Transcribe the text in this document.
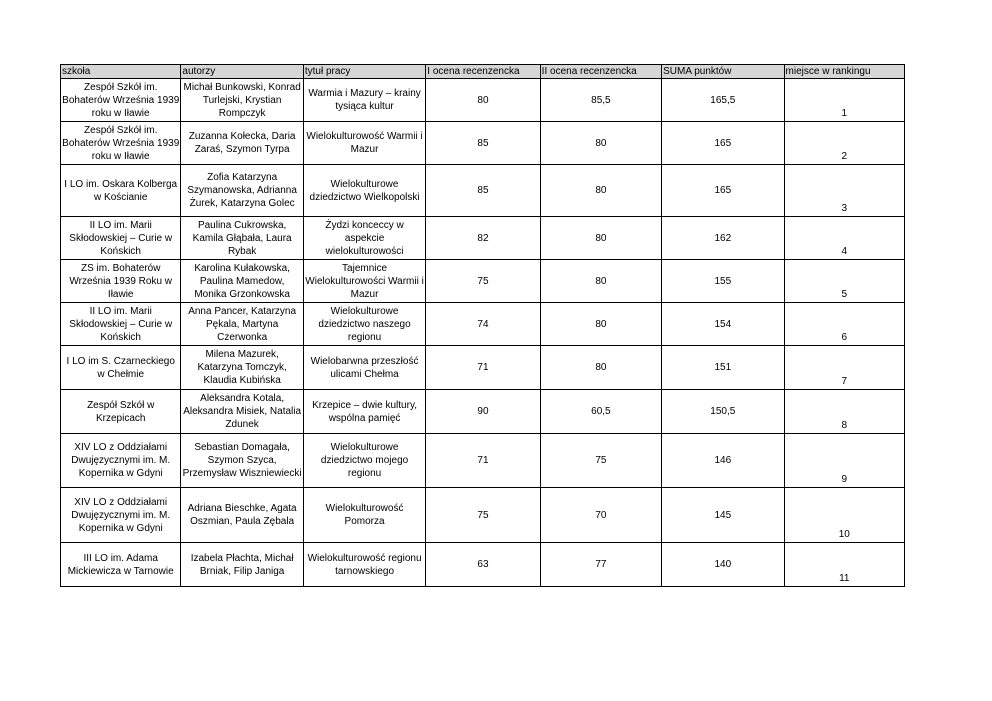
szkoła	autorzy	tytuł pracy	I ocena recenzencka	II ocena recenzencka	SUMA punktów	miejsce w rankingu
Zespół Szkół im. Bohaterów Września 1939 roku w Iławie	Michał Bunkowski, Konrad Turlejski, Krystian Rompczyk	Warmia i Mazury – krainy tysiąca kultur	80	85,5	165,5	1
Zespół Szkół im. Bohaterów Września 1939 roku w Iławie	Zuzanna Kołecka, Daria Zaraś, Szymon Tyrpa	Wielokulturowość Warmii i Mazur	85	80	165	2
I LO im. Oskara Kolberga w Kościanie	Zofia Katarzyna Szymanowska, Adrianna Żurek, Katarzyna Golec	Wielokulturowe dziedzictwo Wielkopolski	85	80	165	3
II LO im. Marii Skłodowskiej – Curie w Końskich	Paulina Cukrowska, Kamila Głąbała, Laura Rybak	Żydzi konceccy w aspekcie wielokulturowości	82	80	162	4
ZS im. Bohaterów Września 1939 Roku w Iławie	Karolina Kułakowska, Paulina Mamedow, Monika Grzonkowska	Tajemnice Wielokulturowości Warmii i Mazur	75	80	155	5
II LO im. Marii Skłodowskiej – Curie w Końskich	Anna Pancer, Katarzyna Pękala, Martyna Czerwonka	Wielokulturowe dziedzictwo naszego regionu	74	80	154	6
I LO im S. Czarneckiego w Chełmie	Milena Mazurek, Katarzyna Tomczyk, Klaudia Kubińska	Wielobarwna przeszłość ulicami Chełma	71	80	151	7
Zespół Szkół w Krzepicach	Aleksandra Kotala, Aleksandra Misiek, Natalia Zdunek	Krzepice – dwie kultury, wspólna pamięć	90	60,5	150,5	8
XIV LO z Oddziałami Dwujęzycznymi im. M. Kopernika w Gdyni	Sebastian Domagała, Szymon Szyca, Przemysław Wiszniewiecki	Wielokulturowe dziedzictwo mojego regionu	71	75	146	9
XIV LO z Oddziałami Dwujęzycznymi im. M. Kopernika w Gdyni	Adriana Bieschke, Agata Oszmian, Paula Zębala	Wielokulturowość Pomorza	75	70	145	10
III LO im. Adama Mickiewicza w Tarnowie	Izabela Płachta, Michał Brniak, Filip Janiga	Wielokulturowość regionu tarnowskiego	63	77	140	11
